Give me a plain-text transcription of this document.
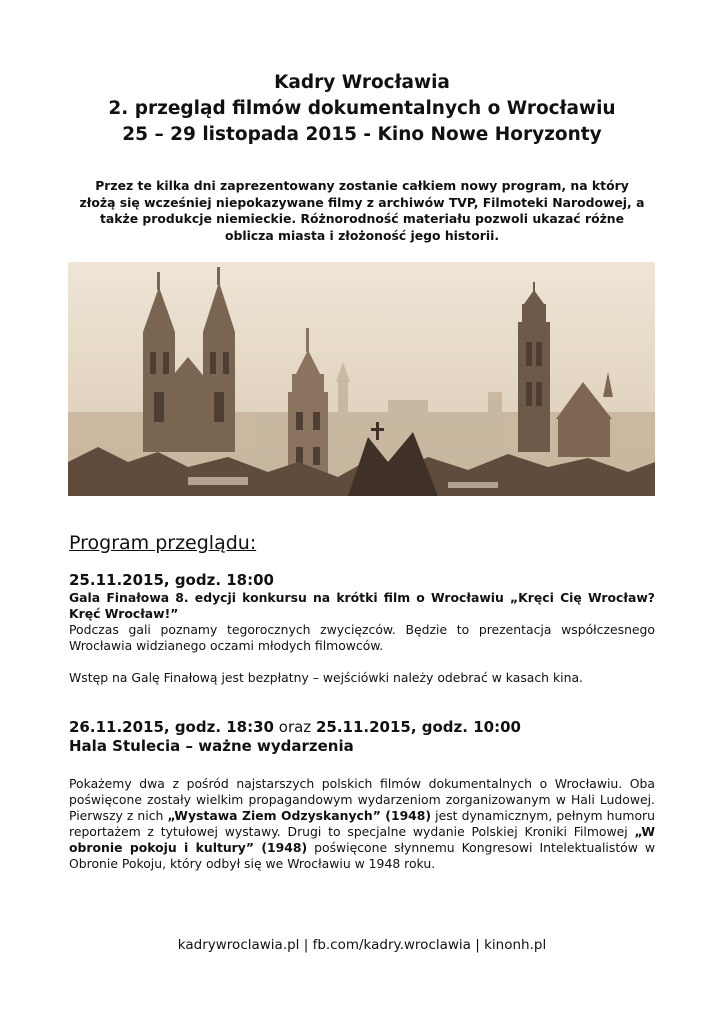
Kadry Wrocławia
2. przegląd filmów dokumentalnych o Wrocławiu
25 – 29 listopada 2015 - Kino Nowe Horyzonty
Przez te kilka dni zaprezentowany zostanie całkiem nowy program, na który złożą się wcześniej niepokazywane filmy z archiwów TVP, Filmoteki Narodowej, a także produkcje niemieckie. Różnorodność materiału pozwoli ukazać różne oblicza miasta i złożoność jego historii.
Program przeglądu:
25.11.2015, godz. 18:00
Gala Finałowa 8. edycji konkursu na krótki film o Wrocławiu „Kręci Cię Wrocław? Kręć Wrocław!”
Podczas gali poznamy tegorocznych zwycięzców. Będzie to prezentacja współczesnego Wrocławia widzianego oczami młodych filmowców.
Wstęp na Galę Finałową jest bezpłatny – wejściówki należy odebrać w kasach kina.
26.11.2015, godz. 18:30 oraz 25.11.2015, godz. 10:00
Hala Stulecia – ważne wydarzenia
Pokażemy dwa z pośród najstarszych polskich filmów dokumentalnych o Wrocławiu. Oba poświęcone zostały wielkim propagandowym wydarzeniom zorganizowanym w Hali Ludowej. Pierwszy z nich „Wystawa Ziem Odzyskanych” (1948) jest dynamicznym, pełnym humoru reportażem z tytułowej wystawy. Drugi to specjalne wydanie Polskiej Kroniki Filmowej „W obronie pokoju i kultury” (1948) poświęcone słynnemu Kongresowi Intelektualistów w Obronie Pokoju, który odbył się we Wrocławiu w 1948 roku.
kadrywroclawia.pl | fb.com/kadry.wroclawia | kinonh.pl
